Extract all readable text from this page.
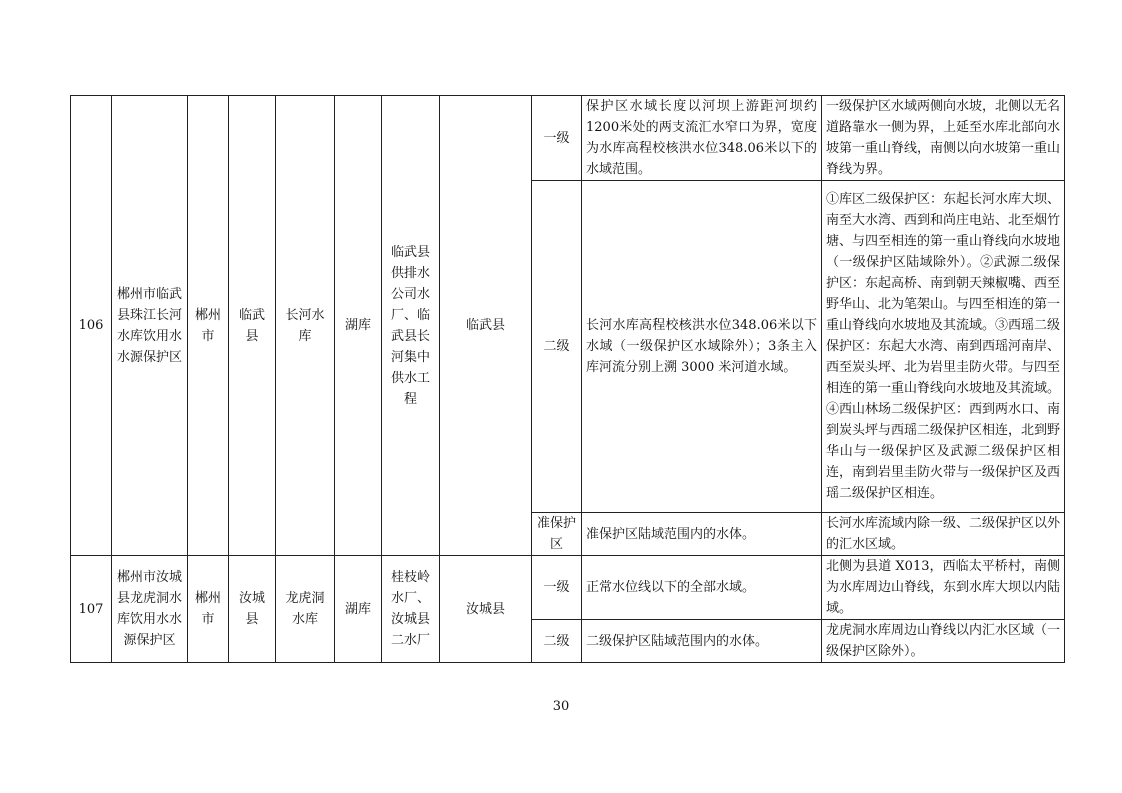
106	郴州市临武县珠江长河水库饮用水水源保护区	郴州市	临武县	长河水库	湖库	临武县供排水公司水厂、临武县长河集中供水工程	临武县	一级	保护区水域长度以河坝上游距河坝约1200米处的两支流汇水窄口为界，宽度为水库高程校核洪水位348.06米以下的水域范围。	一级保护区水域两侧向水坡，北侧以无名道路靠水一侧为界，上延至水库北部向水坡第一重山脊线，南侧以向水坡第一重山脊线为界。
								二级	长河水库高程校核洪水位348.06米以下水域（一级保护区水域除外）；3条主入库河流分别上溯 3000 米河道水域。	①库区二级保护区：东起长河水库大坝、南至大水湾、西到和尚庄电站、北至烟竹塘、与四至相连的第一重山脊线向水坡地（一级保护区陆域除外）。②武源二级保护区：东起高桥、南到朝天辣椒嘴、西至野华山、北为笔架山。与四至相连的第一重山脊线向水坡地及其流域。③西瑶二级保护区：东起大水湾、南到西瑶河南岸、西至炭头坪、北为岩里圭防火带。与四至相连的第一重山脊线向水坡地及其流域。④西山林场二级保护区：西到两水口、南到炭头坪与西瑶二级保护区相连，北到野华山与一级保护区及武源二级保护区相连，南到岩里圭防火带与一级保护区及西瑶二级保护区相连。
								准保护区	准保护区陆域范围内的水体。	长河水库流域内除一级、二级保护区以外的汇水区域。
107	郴州市汝城县龙虎洞水库饮用水水源保护区	郴州市	汝城县	龙虎洞水库	湖库	桂枝岭水厂、汝城县二水厂	汝城县	一级	正常水位线以下的全部水域。	北侧为县道 X013，西临太平桥村，南侧为水库周边山脊线，东到水库大坝以内陆域。
								二级	二级保护区陆域范围内的水体。	龙虎洞水库周边山脊线以内汇水区域（一级保护区除外）。
30
